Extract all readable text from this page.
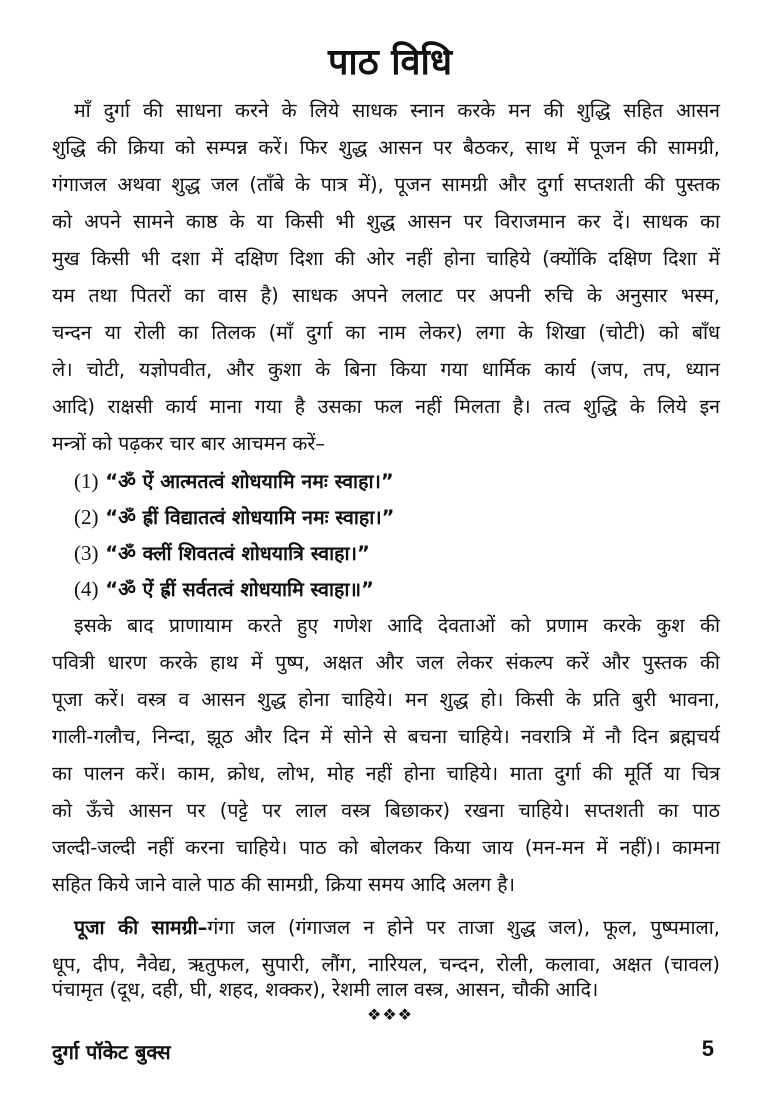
पाठ विधि
माँ दुर्गा की साधना करने के लिये साधक स्नान करके मन की शुद्धि सहित आसन
शुद्धि की क्रिया को सम्पन्न करें। फिर शुद्ध आसन पर बैठकर, साथ में पूजन की सामग्री,
गंगाजल अथवा शुद्ध जल (ताँबे के पात्र में), पूजन सामग्री और दुर्गा सप्तशती की पुस्तक
को अपने सामने काष्ठ के या किसी भी शुद्ध आसन पर विराजमान कर दें। साधक का
मुख किसी भी दशा में दक्षिण दिशा की ओर नहीं होना चाहिये (क्योंकि दक्षिण दिशा में
यम तथा पितरों का वास है) साधक अपने ललाट पर अपनी रुचि के अनुसार भस्म,
चन्दन या रोली का तिलक (माँ दुर्गा का नाम लेकर) लगा के शिखा (चोटी) को बाँध
ले। चोटी, यज्ञोपवीत, और कुशा के बिना किया गया धार्मिक कार्य (जप, तप, ध्यान
आदि) राक्षसी कार्य माना गया है उसका फल नहीं मिलता है। तत्व शुद्धि के लिये इन
मन्त्रों को पढ़कर चार बार आचमन करें–
(1) “ॐ ऐं आत्मतत्वं शोधयामि नमः स्वाहा।”
(2) “ॐ ह्रीं विद्यातत्वं शोधयामि नमः स्वाहा।”
(3) “ॐ क्लीं शिवतत्वं शोधयात्रि स्वाहा।”
(4) “ॐ ऐं ह्रीं सर्वतत्वं शोधयामि स्वाहा॥”
इसके बाद प्राणायाम करते हुए गणेश आदि देवताओं को प्रणाम करके कुश की
पवित्री धारण करके हाथ में पुष्प, अक्षत और जल लेकर संकल्प करें और पुस्तक की
पूजा करें। वस्त्र व आसन शुद्ध होना चाहिये। मन शुद्ध हो। किसी के प्रति बुरी भावना,
गाली-गलौच, निन्दा, झूठ और दिन में सोने से बचना चाहिये। नवरात्रि में नौ दिन ब्रह्मचर्य
का पालन करें। काम, क्रोध, लोभ, मोह नहीं होना चाहिये। माता दुर्गा की मूर्ति या चित्र
को ऊँचे आसन पर (पट्टे पर लाल वस्त्र बिछाकर) रखना चाहिये। सप्तशती का पाठ
जल्दी-जल्दी नहीं करना चाहिये। पाठ को बोलकर किया जाय (मन-मन में नहीं)। कामना
सहित किये जाने वाले पाठ की सामग्री, क्रिया समय आदि अलग है।
पूजा की सामग्री–गंगा जल (गंगाजल न होने पर ताजा शुद्ध जल), फूल, पुष्पमाला,
धूप, दीप, नैवेद्य, ऋतुफल, सुपारी, लौंग, नारियल, चन्दन, रोली, कलावा, अक्षत (चावल)
पंचामृत (दूध, दही, घी, शहद, शक्कर), रेशमी लाल वस्त्र, आसन, चौकी आदि।
❖❖❖
दुर्गा पॉकेट बुक्स	5
